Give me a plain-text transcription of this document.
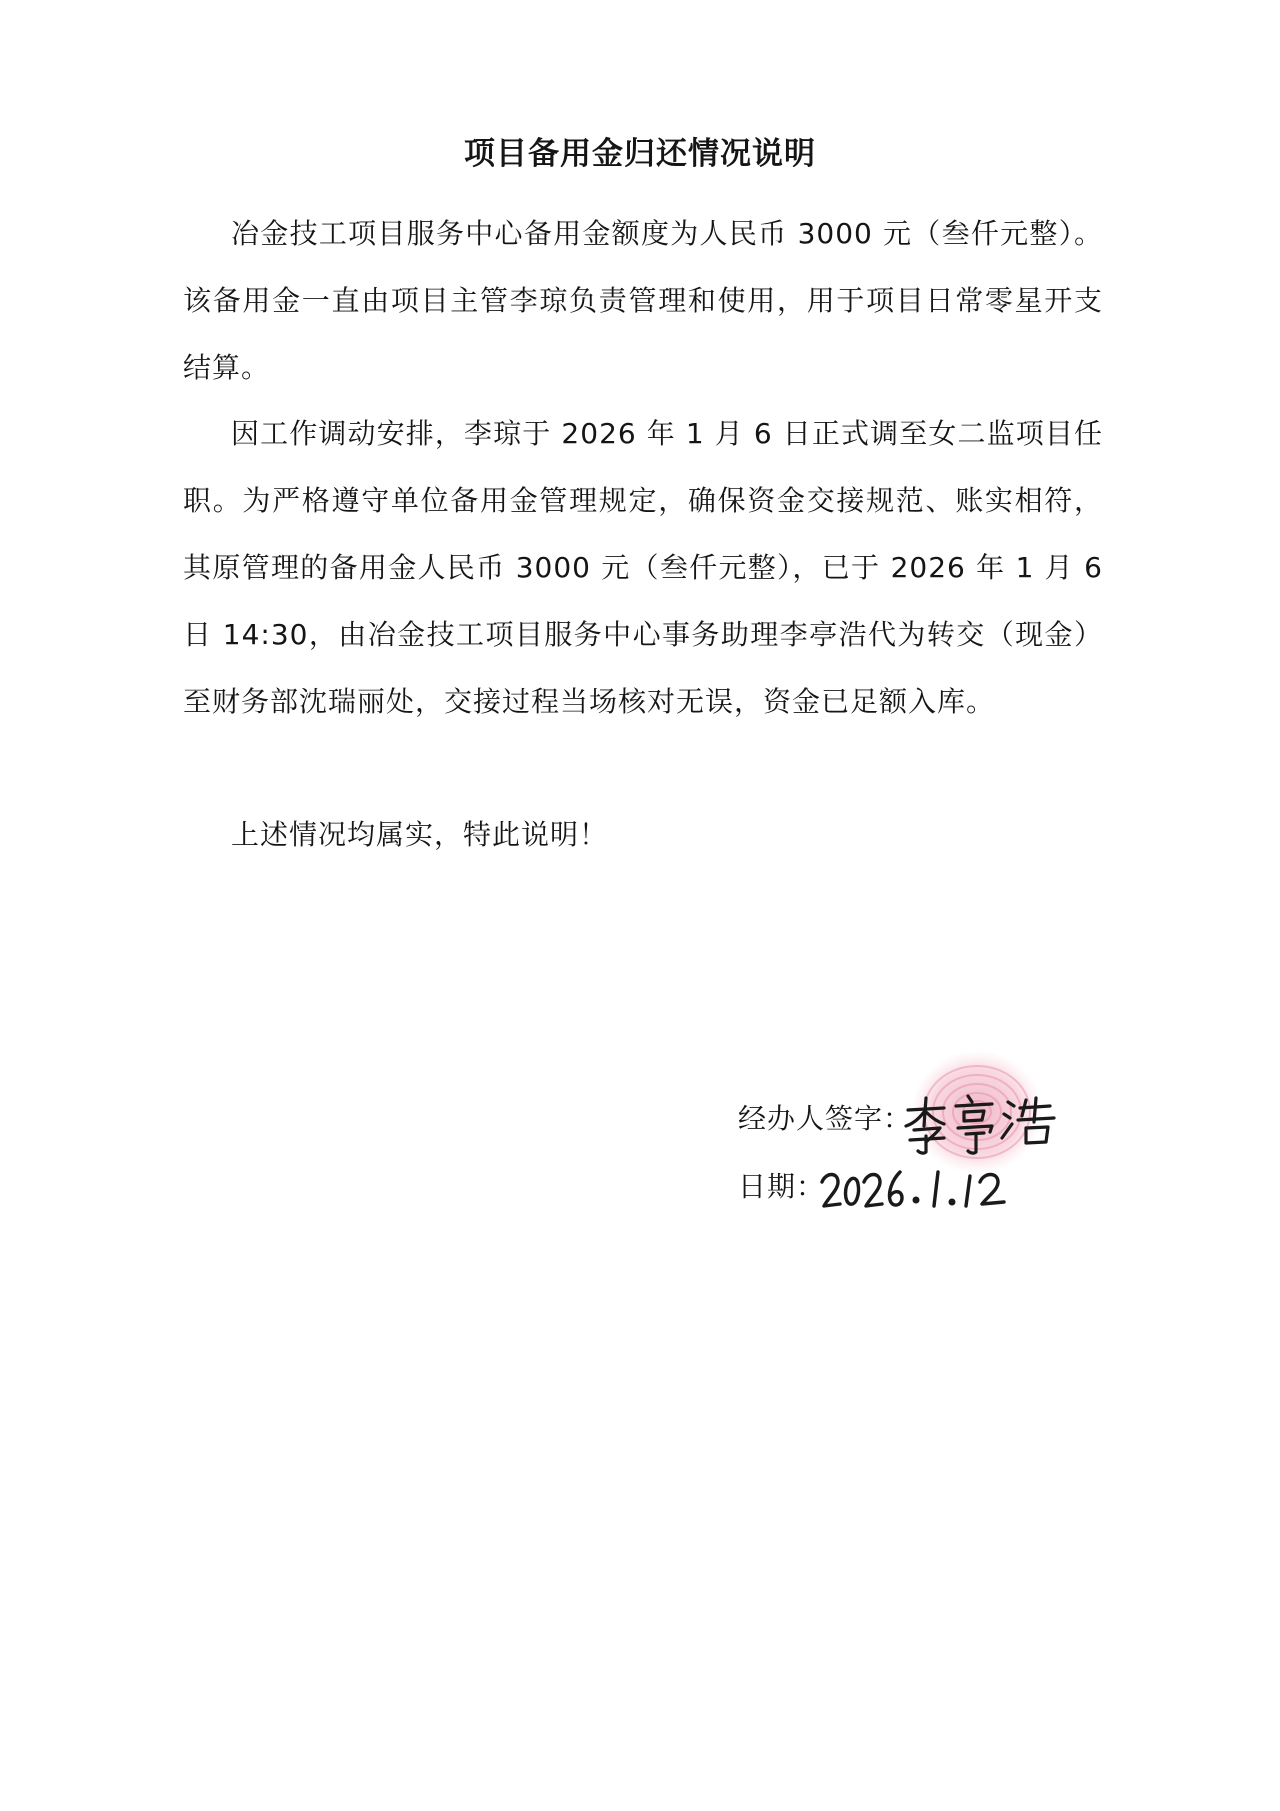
项目备用金归还情况说明

冶金技工项目服务中心备用金额度为人民币 3000 元（叁仟元整）。该备用金一直由项目主管李琼负责管理和使用，用于项目日常零星开支结算。

因工作调动安排，李琼于 2026 年 1 月 6 日正式调至女二监项目任职。为严格遵守单位备用金管理规定，确保资金交接规范、账实相符，其原管理的备用金人民币 3000 元（叁仟元整），已于 2026 年 1 月 6 日 14:30，由冶金技工项目服务中心事务助理李亭浩代为转交（现金）至财务部沈瑞丽处，交接过程当场核对无误，资金已足额入库。

上述情况均属实，特此说明！

经办人签字：
日期：
